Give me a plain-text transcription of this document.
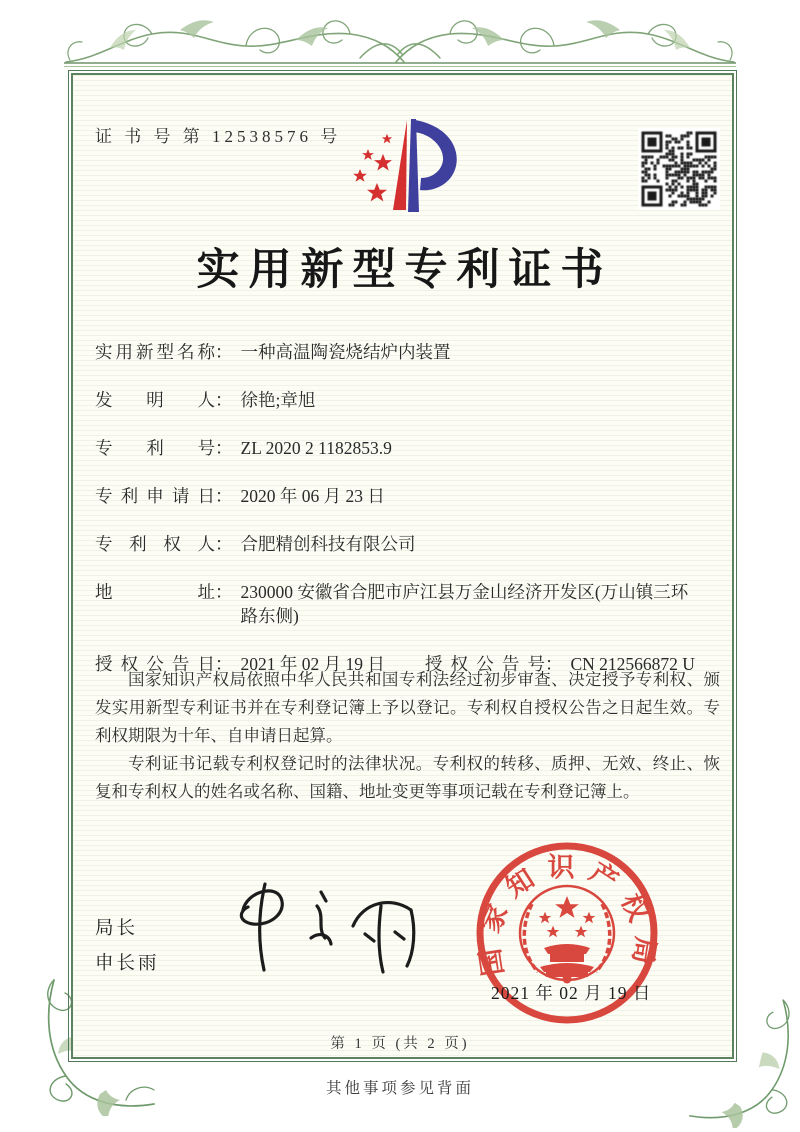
证 书 号 第 12538576 号
实用新型专利证书
实用新型名称 ： 一种高温陶瓷烧结炉内装置
发明人 ： 徐艳;章旭
专利号 ： ZL 2020 2 1182853.9
专利申请日 ： 2020 年 06 月 23 日
专利权人 ： 合肥精创科技有限公司
地址 ： 230000 安徽省合肥市庐江县万金山经济开发区(万山镇三环路东侧)
授权公告日 ： 2021 年 02 月 19 日 授权公告号 ： CN 212566872 U

国家知识产权局依照中华人民共和国专利法经过初步审查、决定授予专利权、颁发实用新型专利证书并在专利登记簿上予以登记。专利权自授权公告之日起生效。专利权期限为十年、自申请日起算。

专利证书记载专利权登记时的法律状况。专利权的转移、质押、无效、终止、恢复和专利权人的姓名或名称、国籍、地址变更等事项记载在专利登记簿上。

局长
申长雨	国家知识产权局
2021 年 02 月 19 日
第 1 页 (共 2 页)
其他事项参见背面
